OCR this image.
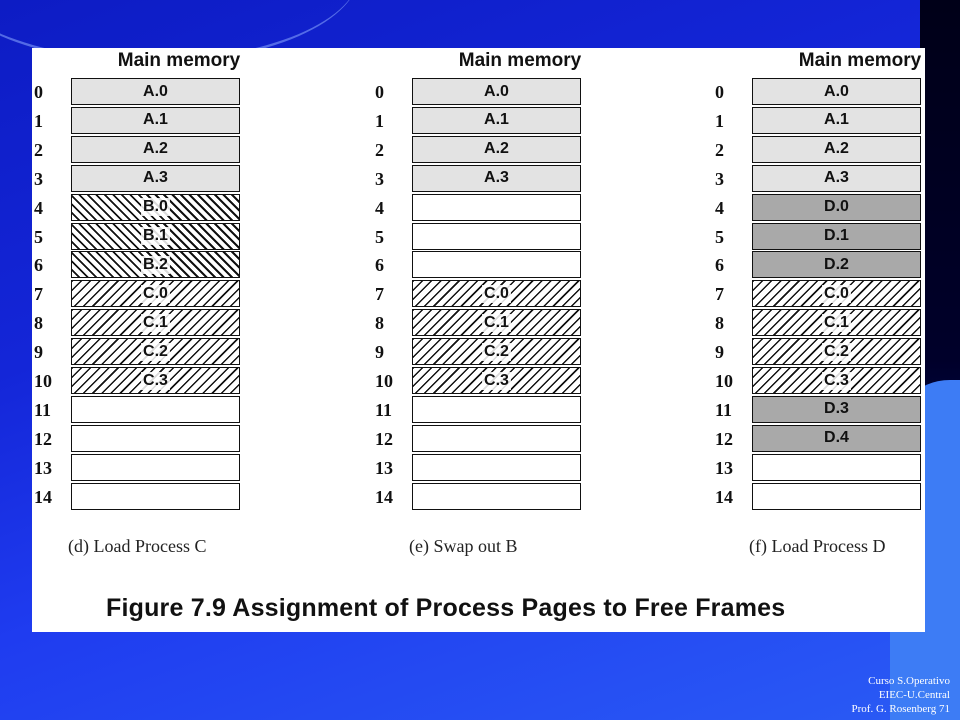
Figure 7.9 Assignment of Process Pages to Free Frames
Main memory
0	A.0
1	A.1
2	A.2
3	A.3
4	B.0
5	B.1
6	B.2
7	C.0
8	C.1
9	C.2
10	C.3
11
12
13
14
(d) Load Process C
Main memory
0	A.0
1	A.1
2	A.2
3	A.3
4
5
6
7	C.0
8	C.1
9	C.2
10	C.3
11
12
13
14
(e) Swap out B
Main memory
0	A.0
1	A.1
2	A.2
3	A.3
4	D.0
5	D.1
6	D.2
7	C.0
8	C.1
9	C.2
10	C.3
11	D.3
12	D.4
13
14
(f) Load Process D
Curso S.Operativo
EIEC-U.Central
Prof. G. Rosenberg 71
